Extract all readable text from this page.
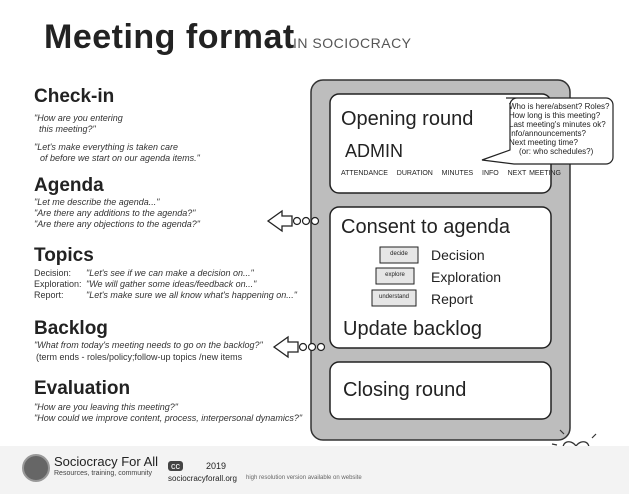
Meeting format
IN SOCIOCRACY
Check-in
"How are you entering
this meeting?"
"Let's make everything is taken care
of before we start on our agenda items."
Agenda
"Let me describe the agenda..."
"Are there any additions to the agenda?"
"Are there any objections to the agenda?"
Topics
Decision: "Let's see if we can make a decision on..."
Exploration: "We will gather some ideas/feedback on..."
Report: "Let's make sure we all know what's happening on..."
Backlog
"What from today's meeting needs to go on the backlog?"
(term ends - roles/policy;follow-up topics /new items
Evaluation
"How are you leaving this meeting?"
"How could we improve content, process, interpersonal dynamics?"
Opening round
ADMIN
ATTENDANCE DURATION MINUTES INFO NEXT MEETING
Who is here/absent? Roles?
How long is this meeting?
Last meeting's minutes ok?
Info/announcements?
Next meeting time?
(or: who schedules?)
Consent to agenda
decide
explore
understand
Decision
Exploration
Report
Update backlog
Closing round
Sociocracy For All
Resources, training, community
cc	2019
sociocracyforall.org high resolution version available on website
